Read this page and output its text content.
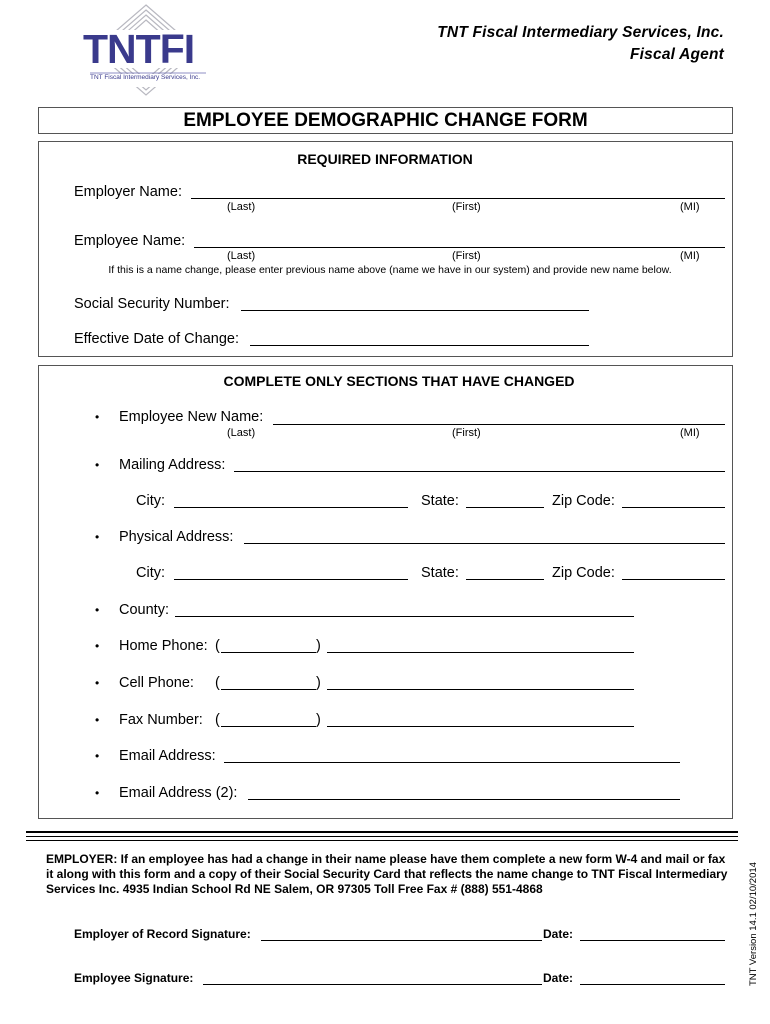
TNTFI
TNT Fiscal Intermediary Services, Inc.
TNT Fiscal Intermediary Services, Inc.
Fiscal Agent
EMPLOYEE DEMOGRAPHIC CHANGE FORM
REQUIRED INFORMATION
Employer Name:
(Last)	(First)	(MI)
Employee Name:
(Last)	(First)	(MI)
If this is a name change, please enter previous name above (name we have in our system) and provide new name below.
Social Security Number:
Effective Date of Change:
COMPLETE ONLY SECTIONS THAT HAVE CHANGED
• Employee New Name:
(Last)	(First)	(MI)
• Mailing Address:
City:	State:	Zip Code:
• Physical Address:
City:	State:	Zip Code:
• County:
• Home Phone: (	)
• Cell Phone: (	)
• Fax Number: (	)
• Email Address:
• Email Address (2):
EMPLOYER: If an employee has had a change in their name please have them complete a new form W-4 and mail or fax it along with this form and a copy of their Social Security Card that reflects the name change to TNT Fiscal Intermediary Services Inc. 4935 Indian School Rd NE Salem, OR 97305 Toll Free Fax # (888) 551-4868
Employer of Record Signature:	Date:
Employee Signature:	Date:	TNT Version 14.1 02/10/2014
